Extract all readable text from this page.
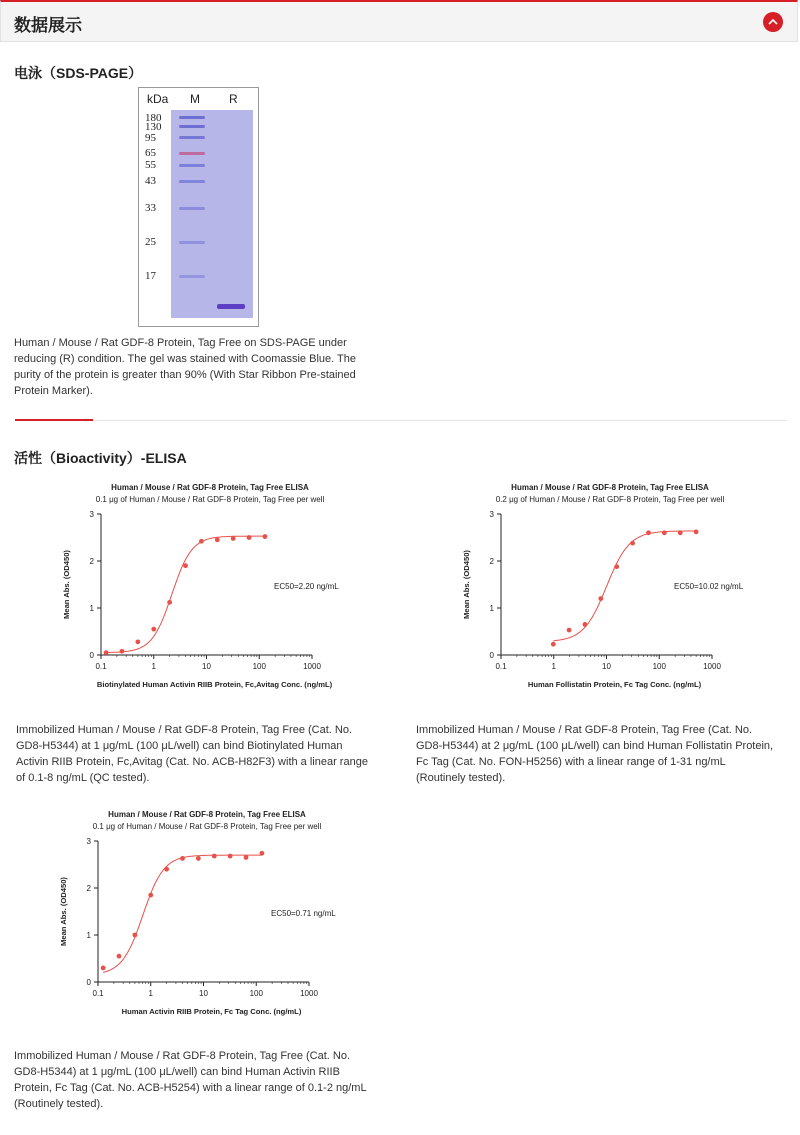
数据展示
电泳（SDS-PAGE）
kDa M R
180
130
95
65
55
43
33
25
17
Human / Mouse / Rat GDF-8 Protein, Tag Free on SDS-PAGE under
reducing (R) condition. The gel was stained with Coomassie Blue. The
purity of the protein is greater than 90% (With Star Ribbon Pre-stained
Protein Marker).
活性（Bioactivity）-ELISA
Human / Mouse / Rat GDF-8 Protein, Tag Free ELISA
0.1 μg of Human / Mouse / Rat GDF-8 Protein, Tag Free per well
0
1
2
3
0.1	1	10	100	1000
Biotinylated Human Activin RIIB Protein, Fc,Avitag Conc. (ng/mL)
Mean Abs. (OD450)	EC50=2.20 ng/mL
Human / Mouse / Rat GDF-8 Protein, Tag Free ELISA
0.2 μg of Human / Mouse / Rat GDF-8 Protein, Tag Free per well
0
1
2
3
0.1	1	10	100	1000
Human Follistatin Protein, Fc Tag Conc. (ng/mL)
Mean Abs. (OD450)	EC50=10.02 ng/mL
Immobilized Human / Mouse / Rat GDF-8 Protein, Tag Free (Cat. No.
GD8-H5344) at 1 μg/mL (100 μL/well) can bind Biotinylated Human
Activin RIIB Protein, Fc,Avitag (Cat. No. ACB-H82F3) with a linear range
of 0.1-8 ng/mL (QC tested).
Immobilized Human / Mouse / Rat GDF-8 Protein, Tag Free (Cat. No.
GD8-H5344) at 2 μg/mL (100 μL/well) can bind Human Follistatin Protein,
Fc Tag (Cat. No. FON-H5256) with a linear range of 1-31 ng/mL
(Routinely tested).
Human / Mouse / Rat GDF-8 Protein, Tag Free ELISA
0.1 μg of Human / Mouse / Rat GDF-8 Protein, Tag Free per well
0
1
2
3
0.1	1	10	100	1000
Human Activin RIIB Protein, Fc Tag Conc. (ng/mL)
Mean Abs. (OD450)	EC50=0.71 ng/mL
Immobilized Human / Mouse / Rat GDF-8 Protein, Tag Free (Cat. No.
GD8-H5344) at 1 μg/mL (100 μL/well) can bind Human Activin RIIB
Protein, Fc Tag (Cat. No. ACB-H5254) with a linear range of 0.1-2 ng/mL
(Routinely tested).
